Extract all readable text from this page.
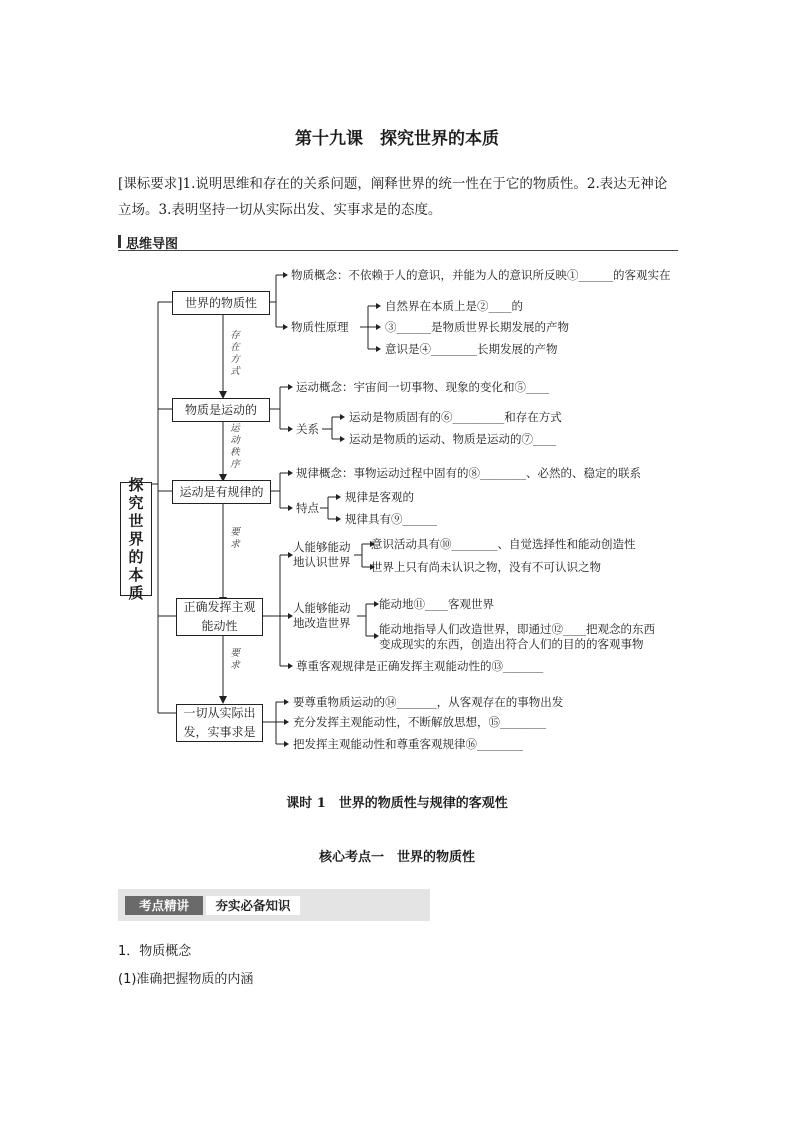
第十九课　探究世界的本质
[课标要求]1.说明思维和存在的关系问题，阐释世界的统一性在于它的物质性。2.表达无神论
立场。3.表明坚持一切从实际出发、实事求是的态度。
思维导图
探究世界的本质
世界的物质性
物质是运动的
运动是有规律的
正确发挥主观
能动性
一切从实际出
发，实事求是
存在方式
运动秩序
要求
要求
物质概念：不依赖于人的意识，并能为人的意识所反映①______的客观实在
物质性原理
自然界在本质上是②____的
③______是物质世界长期发展的产物
意识是④________长期发展的产物
运动概念：宇宙间一切事物、现象的变化和⑤____
关系
运动是物质固有的⑥_________和存在方式
运动是物质的运动、物质是运动的⑦____
规律概念：事物运动过程中固有的⑧________、必然的、稳定的联系
特点
规律是客观的
规律具有⑨______
人能够能动
地认识世界
意识活动具有⑩________、自觉选择性和能动创造性
世界上只有尚未认识之物，没有不可认识之物
人能够能动
地改造世界
能动地⑪____客观世界
能动地指导人们改造世界，即通过⑫____把观念的东西
变成现实的东西，创造出符合人们的目的的客观事物
尊重客观规律是正确发挥主观能动性的⑬_______
要尊重物质运动的⑭_______，从客观存在的事物出发
充分发挥主观能动性，不断解放思想，⑮________
把发挥主观能动性和尊重客观规律⑯________
课时 1　世界的物质性与规律的客观性
核心考点一　世界的物质性
考点精讲	夯实必备知识
1．物质概念
(1)准确把握物质的内涵
